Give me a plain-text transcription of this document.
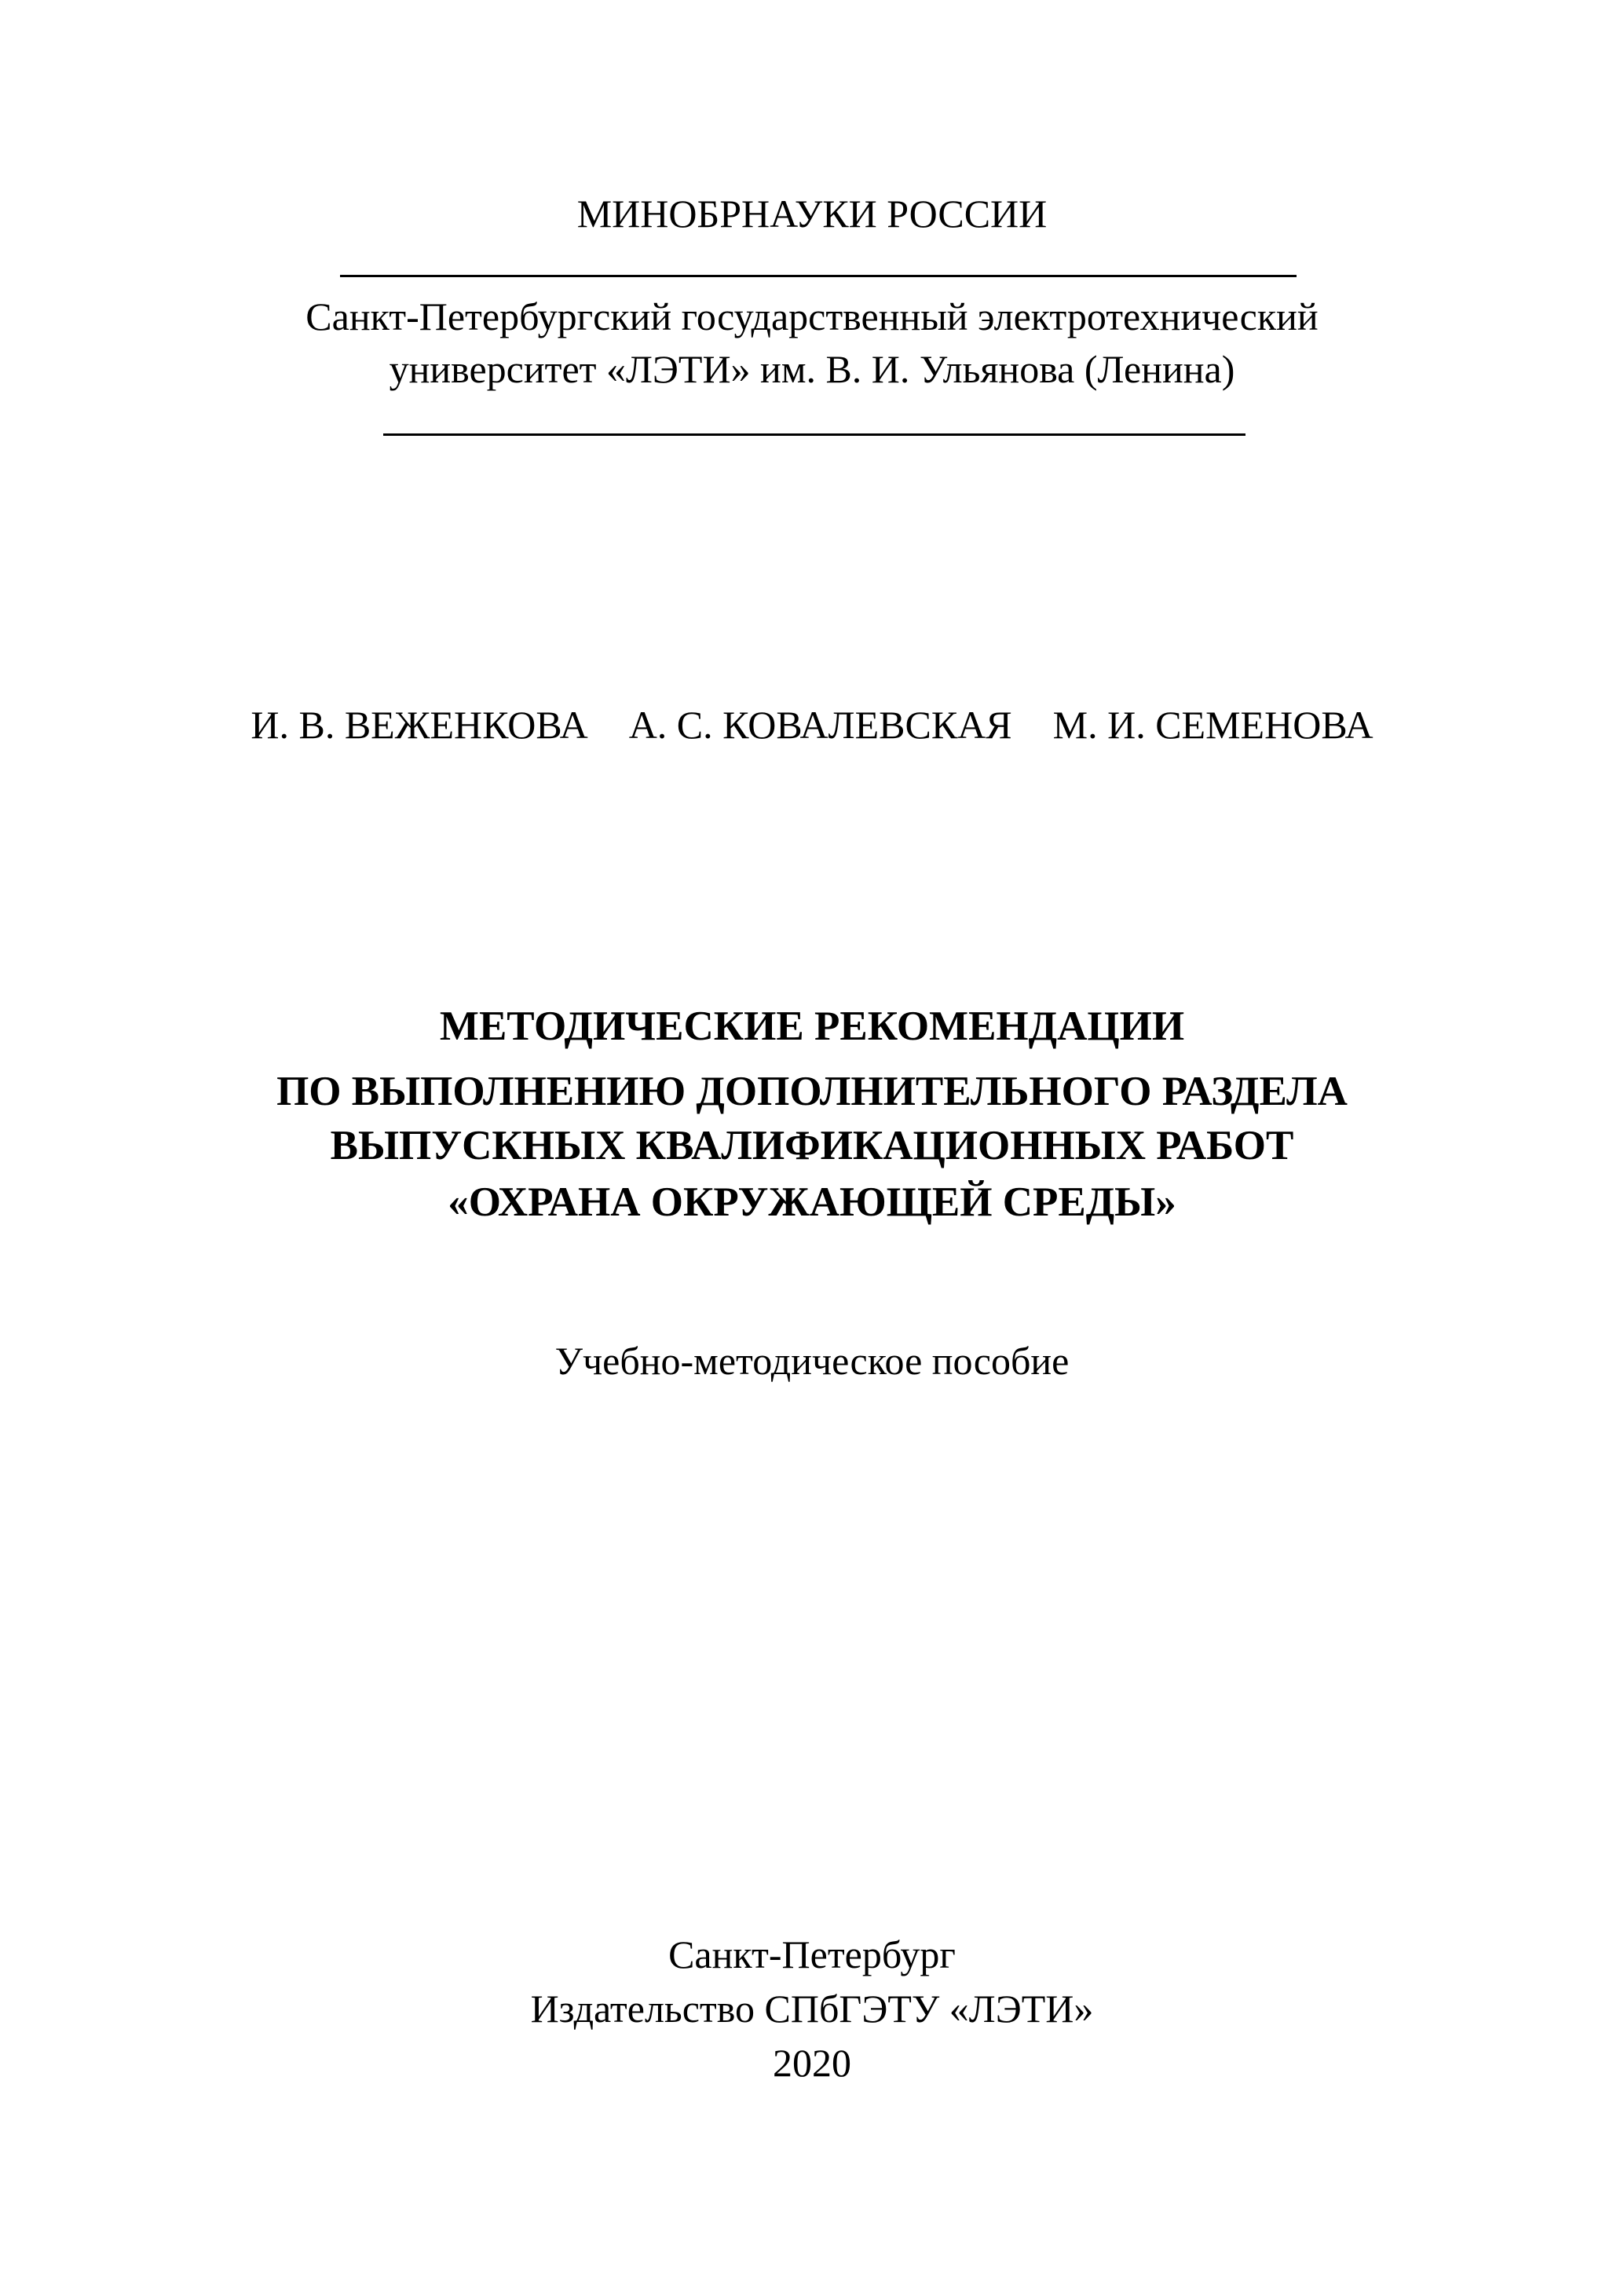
МИНОБРНАУКИ РОССИИ
Санкт-Петербургский государственный электротехнический
университет «ЛЭТИ» им. В. И. Ульянова (Ленина)
И. В. ВЕЖЕНКОВА А. С. КОВАЛЕВСКАЯ М. И. СЕМЕНОВА
МЕТОДИЧЕСКИЕ РЕКОМЕНДАЦИИ
ПО ВЫПОЛНЕНИЮ ДОПОЛНИТЕЛЬНОГО РАЗДЕЛА
ВЫПУСКНЫХ КВАЛИФИКАЦИОННЫХ РАБОТ
«ОХРАНА ОКРУЖАЮЩЕЙ СРЕДЫ»
Учебно-методическое пособие
Санкт-Петербург
Издательство СПбГЭТУ «ЛЭТИ»
2020
